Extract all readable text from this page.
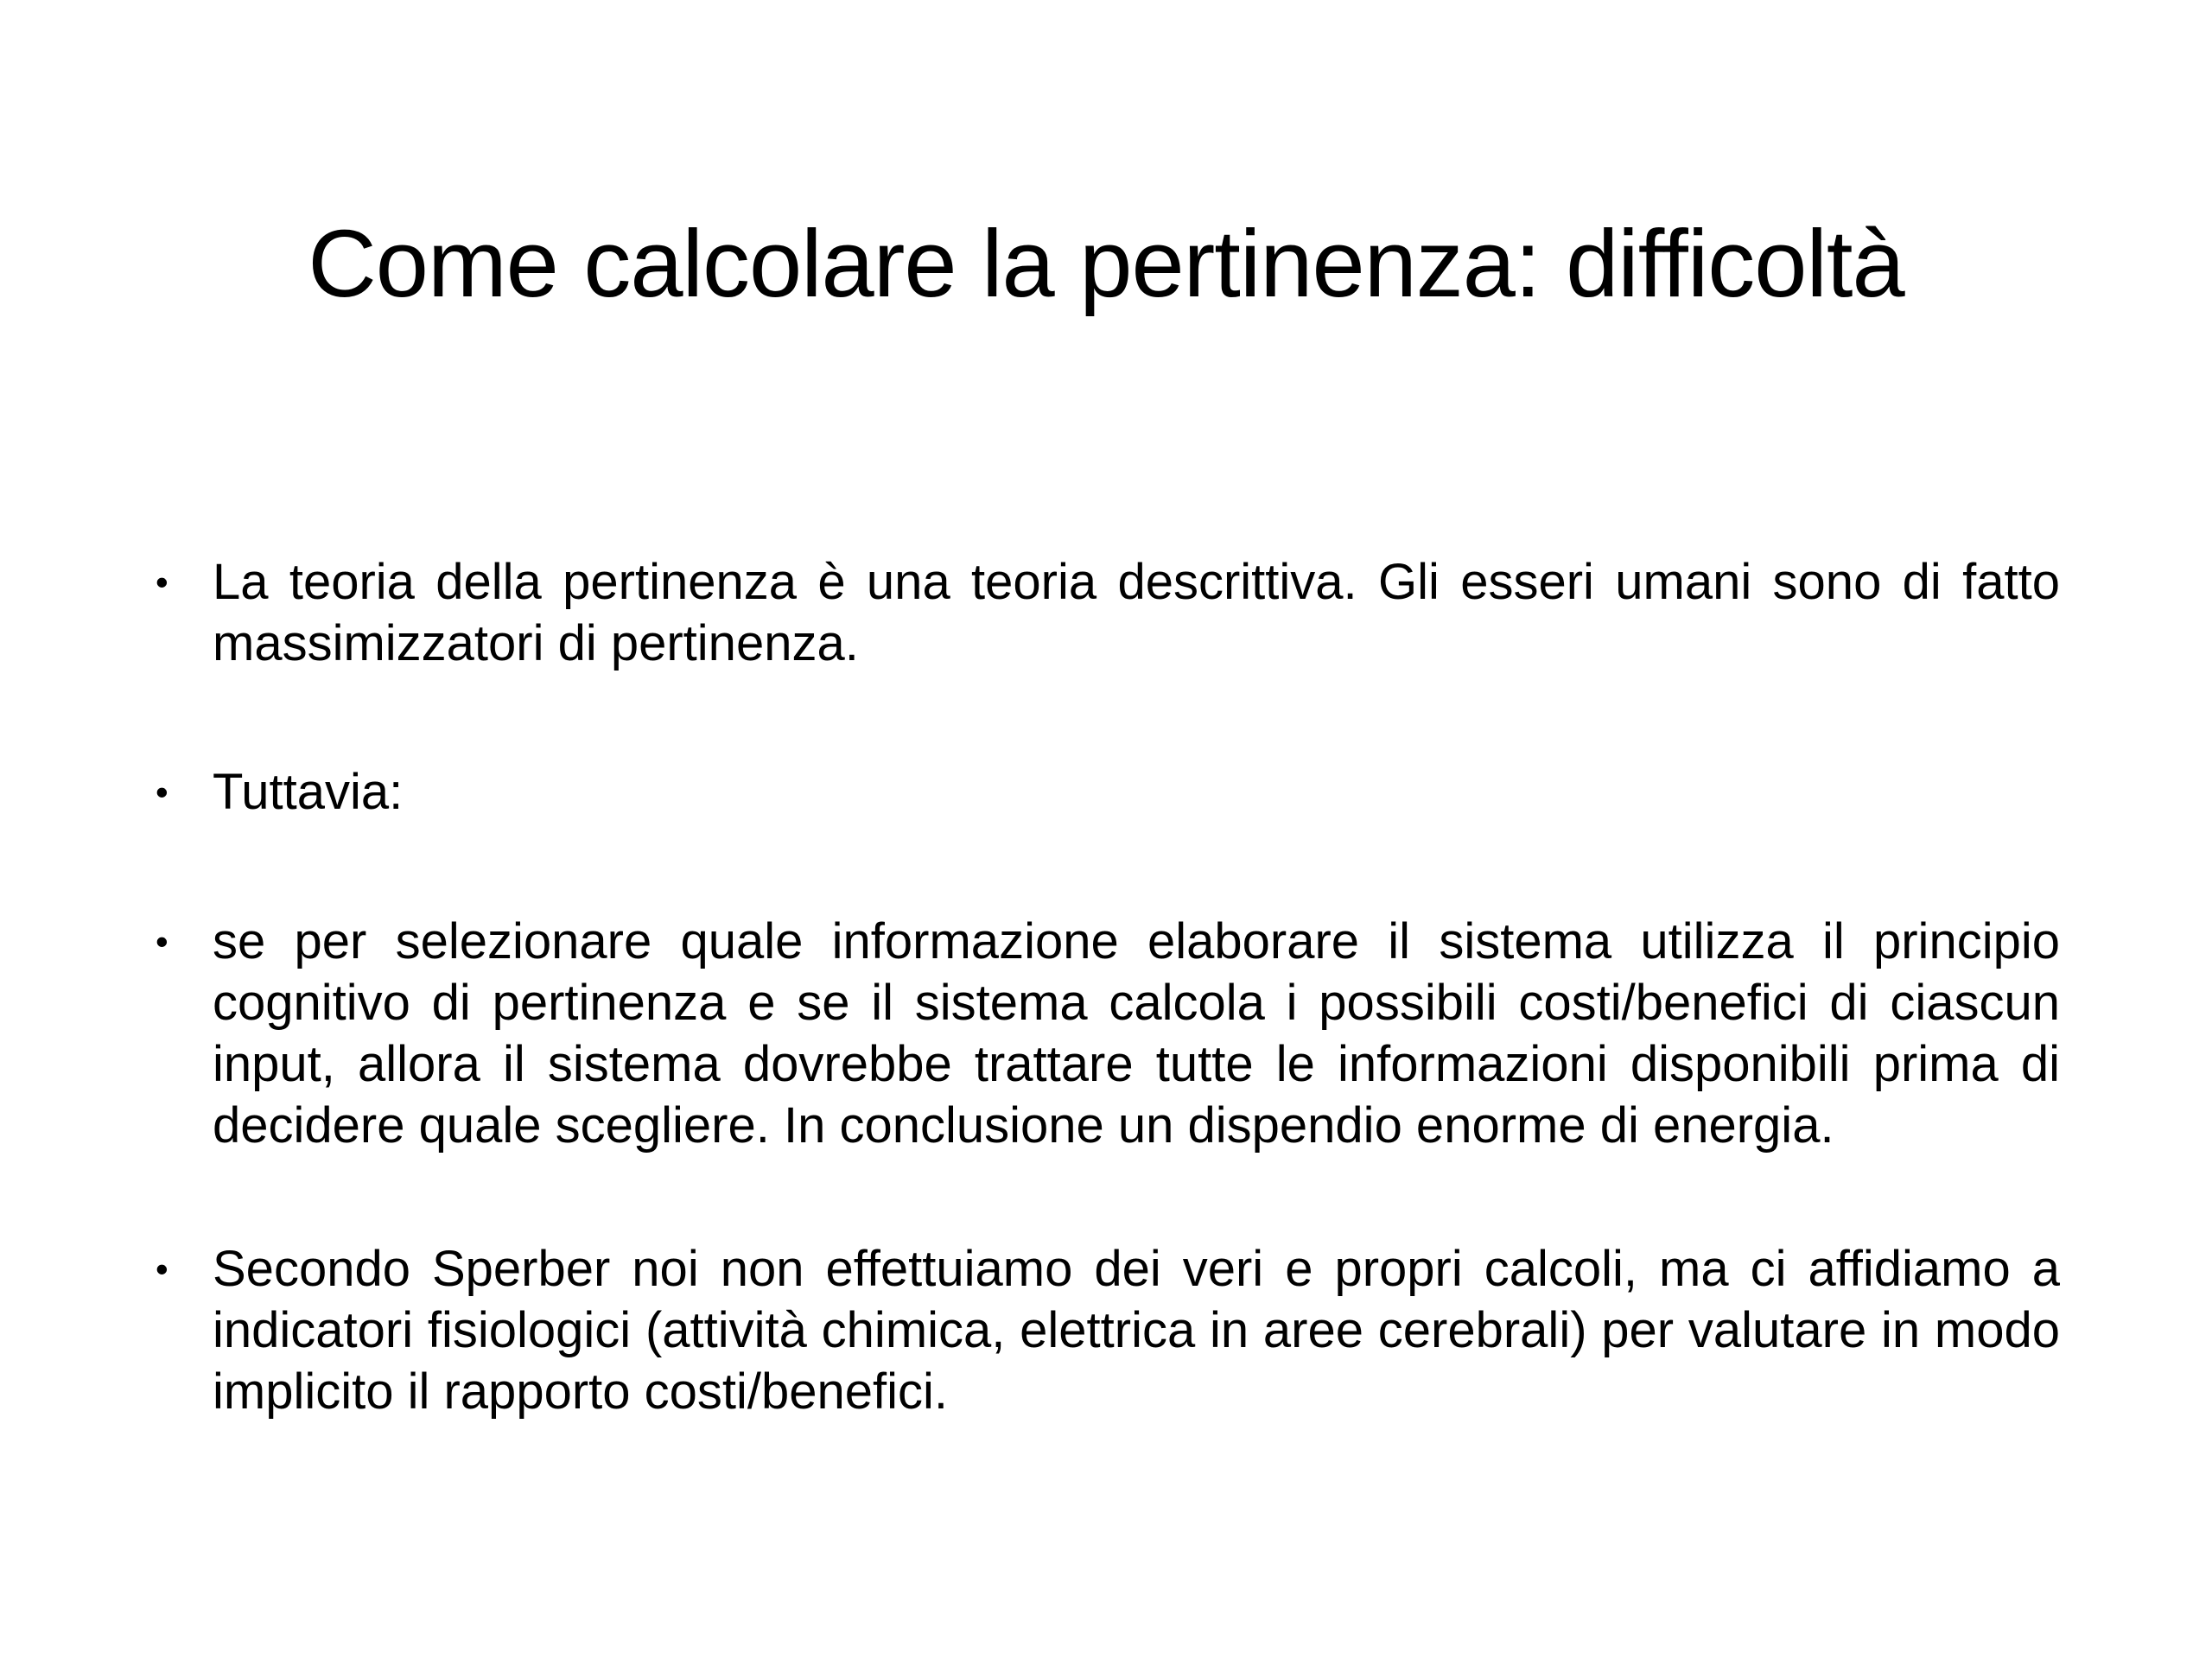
Come calcolare la pertinenza: difficoltà
• La teoria della pertinenza è una teoria descrittiva. Gli esseri umani sono di fatto massimizzatori di pertinenza.

• Tuttavia:

• se per selezionare quale informazione elaborare il sistema utilizza il principio cognitivo di pertinenza e se il sistema calcola i possibili costi/benefici di ciascun input, allora il sistema dovrebbe trattare tutte le informazioni disponibili prima di decidere quale scegliere. In conclusione un dispendio enorme di energia.

• Secondo Sperber noi non effettuiamo dei veri e propri calcoli, ma ci affidiamo a indicatori fisiologici (attività chimica, elettrica in aree cerebrali) per valutare in modo implicito il rapporto costi/benefici.
